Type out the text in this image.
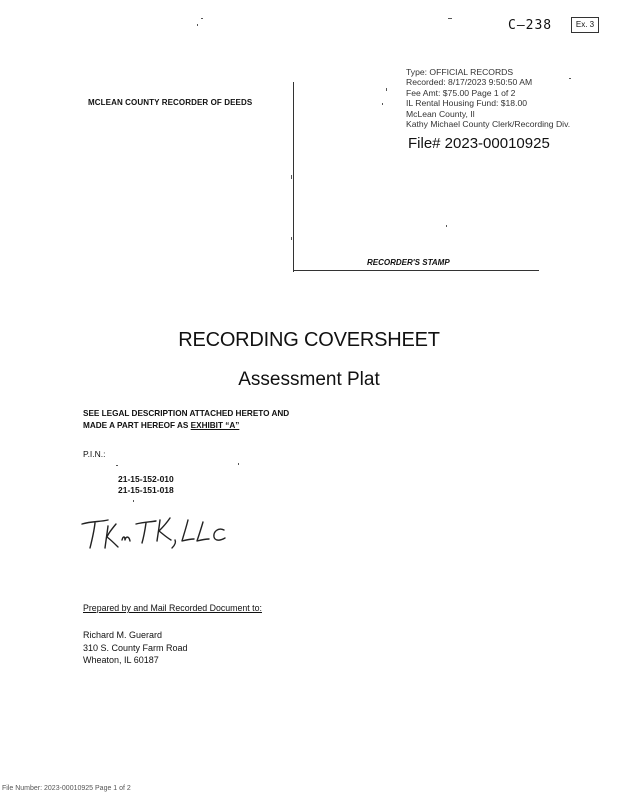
C–238	Ex. 3
MCLEAN COUNTY RECORDER OF DEEDS
RECORDER'S STAMP
Type: OFFICIAL RECORDS
Recorded: 8/17/2023 9:50:50 AM
Fee Amt: $75.00 Page 1 of 2
IL Rental Housing Fund: $18.00
McLean County, Il
Kathy Michael County Clerk/Recording Div.
File# 2023-00010925
RECORDING COVERSHEET
Assessment Plat
SEE LEGAL DESCRIPTION ATTACHED HERETO AND
MADE A PART HEREOF AS EXHIBIT “A”
P.I.N.:
21-15-152-010
21-15-151-018
Prepared by and Mail Recorded Document to:
Richard M. Guerard
310 S. County Farm Road
Wheaton, IL 60187
File Number: 2023-00010925 Page 1 of 2
